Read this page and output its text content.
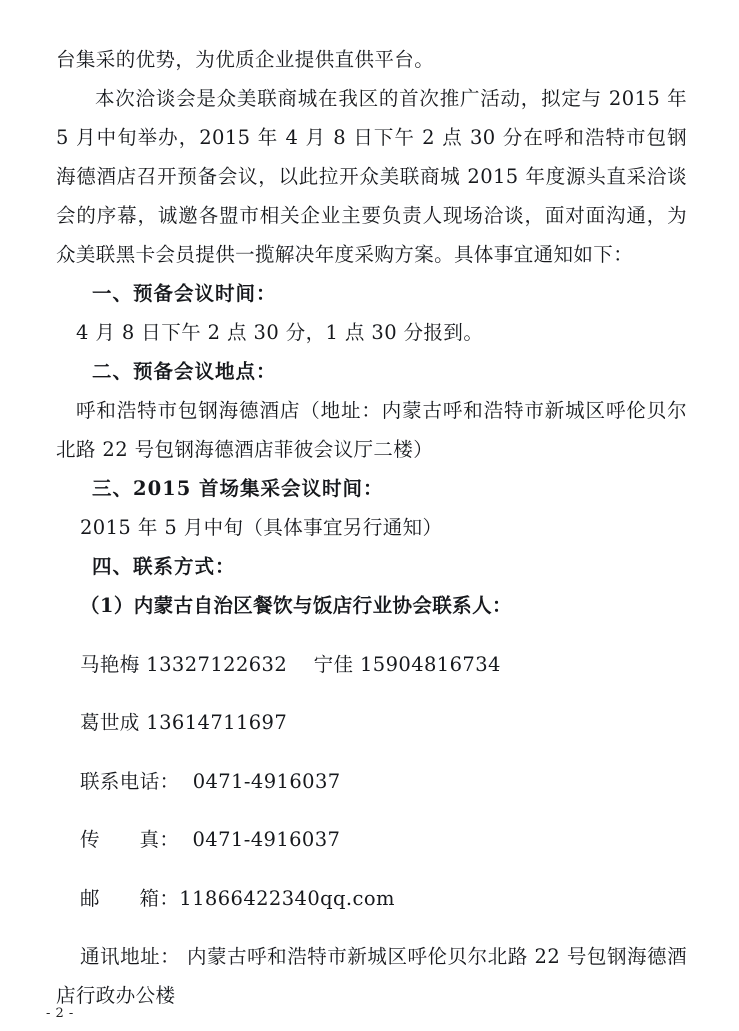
台集采的优势，为优质企业提供直供平台。

本次洽谈会是众美联商城在我区的首次推广活动，拟定与 2015 年 5 月中旬举办，2015 年 4 月 8 日下午 2 点 30 分在呼和浩特市包钢海德酒店召开预备会议，以此拉开众美联商城 2015 年度源头直采洽谈会的序幕，诚邀各盟市相关企业主要负责人现场洽谈，面对面沟通，为众美联黑卡会员提供一揽解决年度采购方案。具体事宜通知如下：

一、预备会议时间：

4 月 8 日下午 2 点 30 分，1 点 30 分报到。

二、预备会议地点：

呼和浩特市包钢海德酒店（地址：内蒙古呼和浩特市新城区呼伦贝尔北路 22 号包钢海德酒店菲彼会议厅二楼）

三、2015 首场集采会议时间：

2015 年 5 月中旬（具体事宜另行通知）

四、联系方式：

（1）内蒙古自治区餐饮与饭店行业协会联系人：

马艳梅 13327122632    宁佳 15904816734

葛世成 13614711697

联系电话：  0471-4916037

传      真：  0471-4916037

邮      箱：11866422340qq.com

通讯地址： 内蒙古呼和浩特市新城区呼伦贝尔北路 22 号包钢海德酒店行政办公楼

- 2 -
